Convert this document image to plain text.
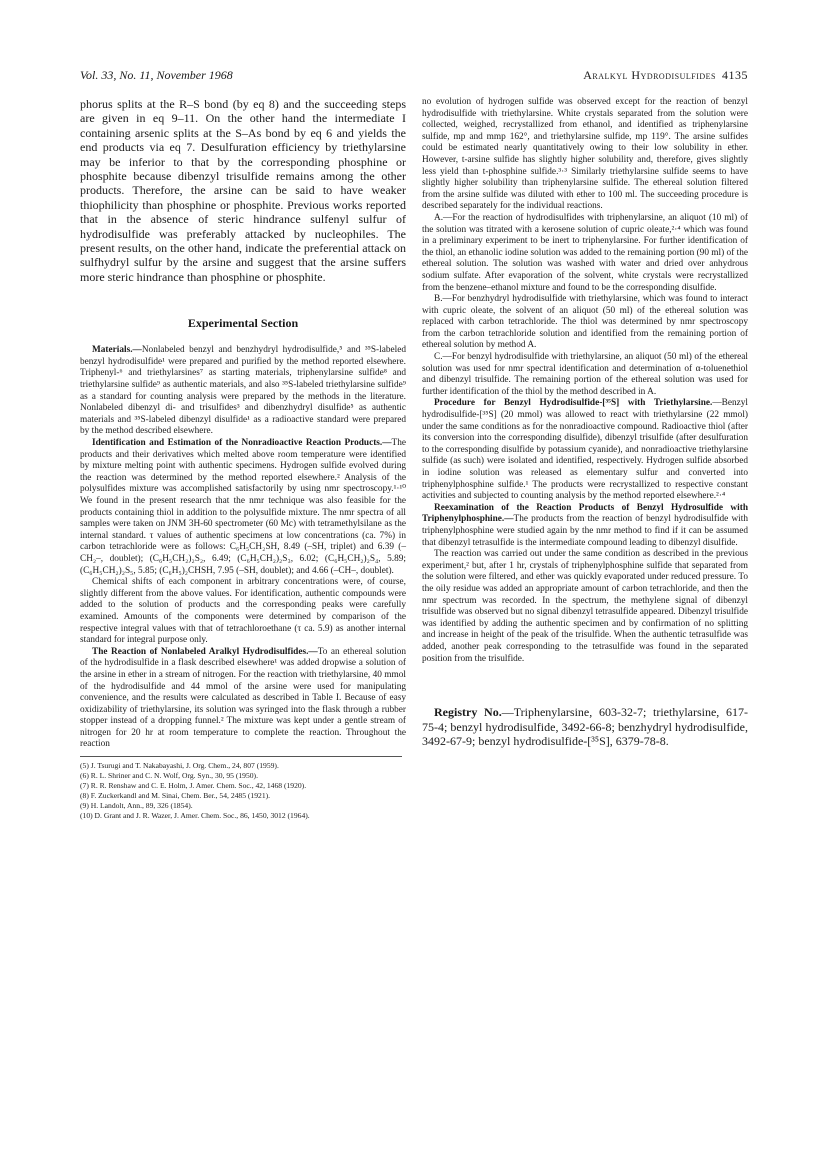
Vol. 33, No. 11, November 1968	Aralkyl Hydrodisulfides 4135

phorus splits at the R–S bond (by eq 8) and the succeeding steps are given in eq 9–11. On the other hand the intermediate I containing arsenic splits at the S–As bond by eq 6 and yields the end products via eq 7. Desulfuration efficiency by triethylarsine may be inferior to that by the corresponding phosphine or phosphite because dibenzyl trisulfide remains among the other products. Therefore, the arsine can be said to have weaker thiophilicity than phosphine or phosphite. Previous works reported that in the absence of steric hindrance sulfenyl sulfur of hydrodisulfide was preferably attacked by nucleophiles. The present results, on the other hand, indicate the preferential attack on sulfhydryl sulfur by the arsine and suggest that the arsine suffers more steric hindrance than phosphine or phosphite.

Experimental Section

Materials.—Nonlabeled benzyl and benzhydryl hydrodisulfide,⁵ and ³⁵S-labeled benzyl hydrodisulfide¹ were prepared and purified by the method reported elsewhere. Triphenyl-⁶ and triethylarsines⁷ as starting materials, triphenylarsine sulfide⁸ and triethylarsine sulfide⁹ as authentic materials, and also ³⁵S-labeled triethylarsine sulfide⁹ as a standard for counting analysis were prepared by the methods in the literature. Nonlabeled dibenzyl di- and trisulfides³ and dibenzhydryl disulfide⁵ as authentic materials and ³⁵S-labeled dibenzyl disulfide¹ as a radioactive standard were prepared by the method described elsewhere.

Identification and Estimation of the Nonradioactive Reaction Products.—The products and their derivatives which melted above room temperature were identified by mixture melting point with authentic specimens. Hydrogen sulfide evolved during the reaction was determined by the method reported elsewhere.² Analysis of the polysulfides mixture was accomplished satisfactorily by using nmr spectroscopy.¹·¹⁰ We found in the present research that the nmr technique was also feasible for the products containing thiol in addition to the polysulfide mixture. The nmr spectra of all samples were taken on JNM 3H-60 spectrometer (60 Mc) with tetramethylsilane as the internal standard. τ values of authentic specimens at low concentrations (ca. 7%) in carbon tetrachloride were as follows: C₆H₅CH₂SH, 8.49 (–SH, triplet) and 6.39 (–CH₂–, doublet); (C₆H₅CH₂)₂S₂, 6.49; (C₆H₅CH₂)₂S₃, 6.02; (C₆H₅CH₂)₂S₄, 5.89; (C₆H₅CH₂)₂S₅, 5.85; (C₆H₅)₂CHSH, 7.95 (–SH, doublet); and 4.66 (–CH–, doublet).

Chemical shifts of each component in arbitrary concentrations were, of course, slightly different from the above values. For identification, authentic compounds were added to the solution of products and the corresponding peaks were carefully examined. Amounts of the components were determined by comparison of the respective integral values with that of tetrachloroethane (τ ca. 5.9) as another internal standard for integral purpose only.

The Reaction of Nonlabeled Aralkyl Hydrodisulfides.—To an ethereal solution of the hydrodisulfide in a flask described elsewhere¹ was added dropwise a solution of the arsine in ether in a stream of nitrogen. For the reaction with triethylarsine, 40 mmol of the hydrodisulfide and 44 mmol of the arsine were used for manipulating convenience, and the results were calculated as described in Table I. Because of easy oxidizability of triethylarsine, its solution was syringed into the flask through a rubber stopper instead of a dropping funnel.² The mixture was kept under a gentle stream of nitrogen for 20 hr at room temperature to complete the reaction. Throughout the reaction

(5) J. Tsurugi and T. Nakabayashi, J. Org. Chem., 24, 807 (1959).
(6) R. L. Shriner and C. N. Wolf, Org. Syn., 30, 95 (1950).
(7) R. R. Renshaw and C. E. Holm, J. Amer. Chem. Soc., 42, 1468 (1920).
(8) F. Zuckerkandl and M. Sinai, Chem. Ber., 54, 2485 (1921).
(9) H. Landolt, Ann., 89, 326 (1854).
(10) D. Grant and J. R. Wazer, J. Amer. Chem. Soc., 86, 1450, 3012 (1964).

no evolution of hydrogen sulfide was observed except for the reaction of benzyl hydrodisulfide with triethylarsine. White crystals separated from the solution were collected, weighed, recrystallized from ethanol, and identified as triphenylarsine sulfide, mp and mmp 162°, and triethylarsine sulfide, mp 119°. The arsine sulfides could be estimated nearly quantitatively owing to their low solubility in ether. However, t-arsine sulfide has slightly higher solubility and, therefore, gives slightly less yield than t-phosphine sulfide.³·³ Similarly triethylarsine sulfide seems to have slightly higher solubility than triphenylarsine sulfide. The ethereal solution filtered from the arsine sulfide was diluted with ether to 100 ml. The succeeding procedure is described separately for the individual reactions.

A.—For the reaction of hydrodisulfides with triphenylarsine, an aliquot (10 ml) of the solution was titrated with a kerosene solution of cupric oleate,²·⁴ which was found in a preliminary experiment to be inert to triphenylarsine. For further identification of the thiol, an ethanolic iodine solution was added to the remaining portion (90 ml) of the ethereal solution. The solution was washed with water and dried over anhydrous sodium sulfate. After evaporation of the solvent, white crystals were recrystallized from the benzene–ethanol mixture and found to be the corresponding disulfide.

B.—For benzhydryl hydrodisulfide with triethylarsine, which was found to interact with cupric oleate, the solvent of an aliquot (50 ml) of the ethereal solution was replaced with carbon tetrachloride. The thiol was determined by nmr spectroscopy from the carbon tetrachloride solution and identified from the remaining portion of ethereal solution by method A.

C.—For benzyl hydrodisulfide with triethylarsine, an aliquot (50 ml) of the ethereal solution was used for nmr spectral identification and determination of α-toluenethiol and dibenzyl trisulfide. The remaining portion of the ethereal solution was used for further identification of the thiol by the method described in A.

Procedure for Benzyl Hydrodisulfide-[³⁵S] with Triethylarsine.—Benzyl hydrodisulfide-[³⁵S] (20 mmol) was allowed to react with triethylarsine (22 mmol) under the same conditions as for the nonradioactive compound. Radioactive thiol (after its conversion into the corresponding disulfide), dibenzyl trisulfide (after desulfuration to the corresponding disulfide by potassium cyanide), and nonradioactive triethylarsine sulfide (as such) were isolated and identified, respectively. Hydrogen sulfide absorbed in iodine solution was released as elementary sulfur and converted into triphenylphosphine sulfide.¹ The products were recrystallized to respective constant activities and subjected to counting analysis by the method reported elsewhere.²·⁴

Reexamination of the Reaction Products of Benzyl Hydrosulfide with Triphenylphosphine.—The products from the reaction of benzyl hydrodisulfide with triphenylphosphine were studied again by the nmr method to find if it can be assumed that dibenzyl tetrasulfide is the intermediate compound leading to dibenzyl disulfide.

The reaction was carried out under the same condition as described in the previous experiment,² but, after 1 hr, crystals of triphenylphosphine sulfide that separated from the solution were filtered, and ether was quickly evaporated under reduced pressure. To the oily residue was added an appropriate amount of carbon tetrachloride, and then the nmr spectrum was recorded. In the spectrum, the methylene signal of dibenzyl trisulfide was observed but no signal dibenzyl tetrasulfide appeared. Dibenzyl trisulfide was identified by adding the authentic specimen and by confirmation of no splitting and increase in height of the peak of the trisulfide. When the authentic tetrasulfide was added, another peak corresponding to the tetrasulfide was found in the separated position from the trisulfide.

Registry No.—Triphenylarsine, 603-32-7; triethylarsine, 617-75-4; benzyl hydrodisulfide, 3492-66-8; benzhydryl hydrodisulfide, 3492-67-9; benzyl hydrodisulfide-[³⁵S], 6379-78-8.
